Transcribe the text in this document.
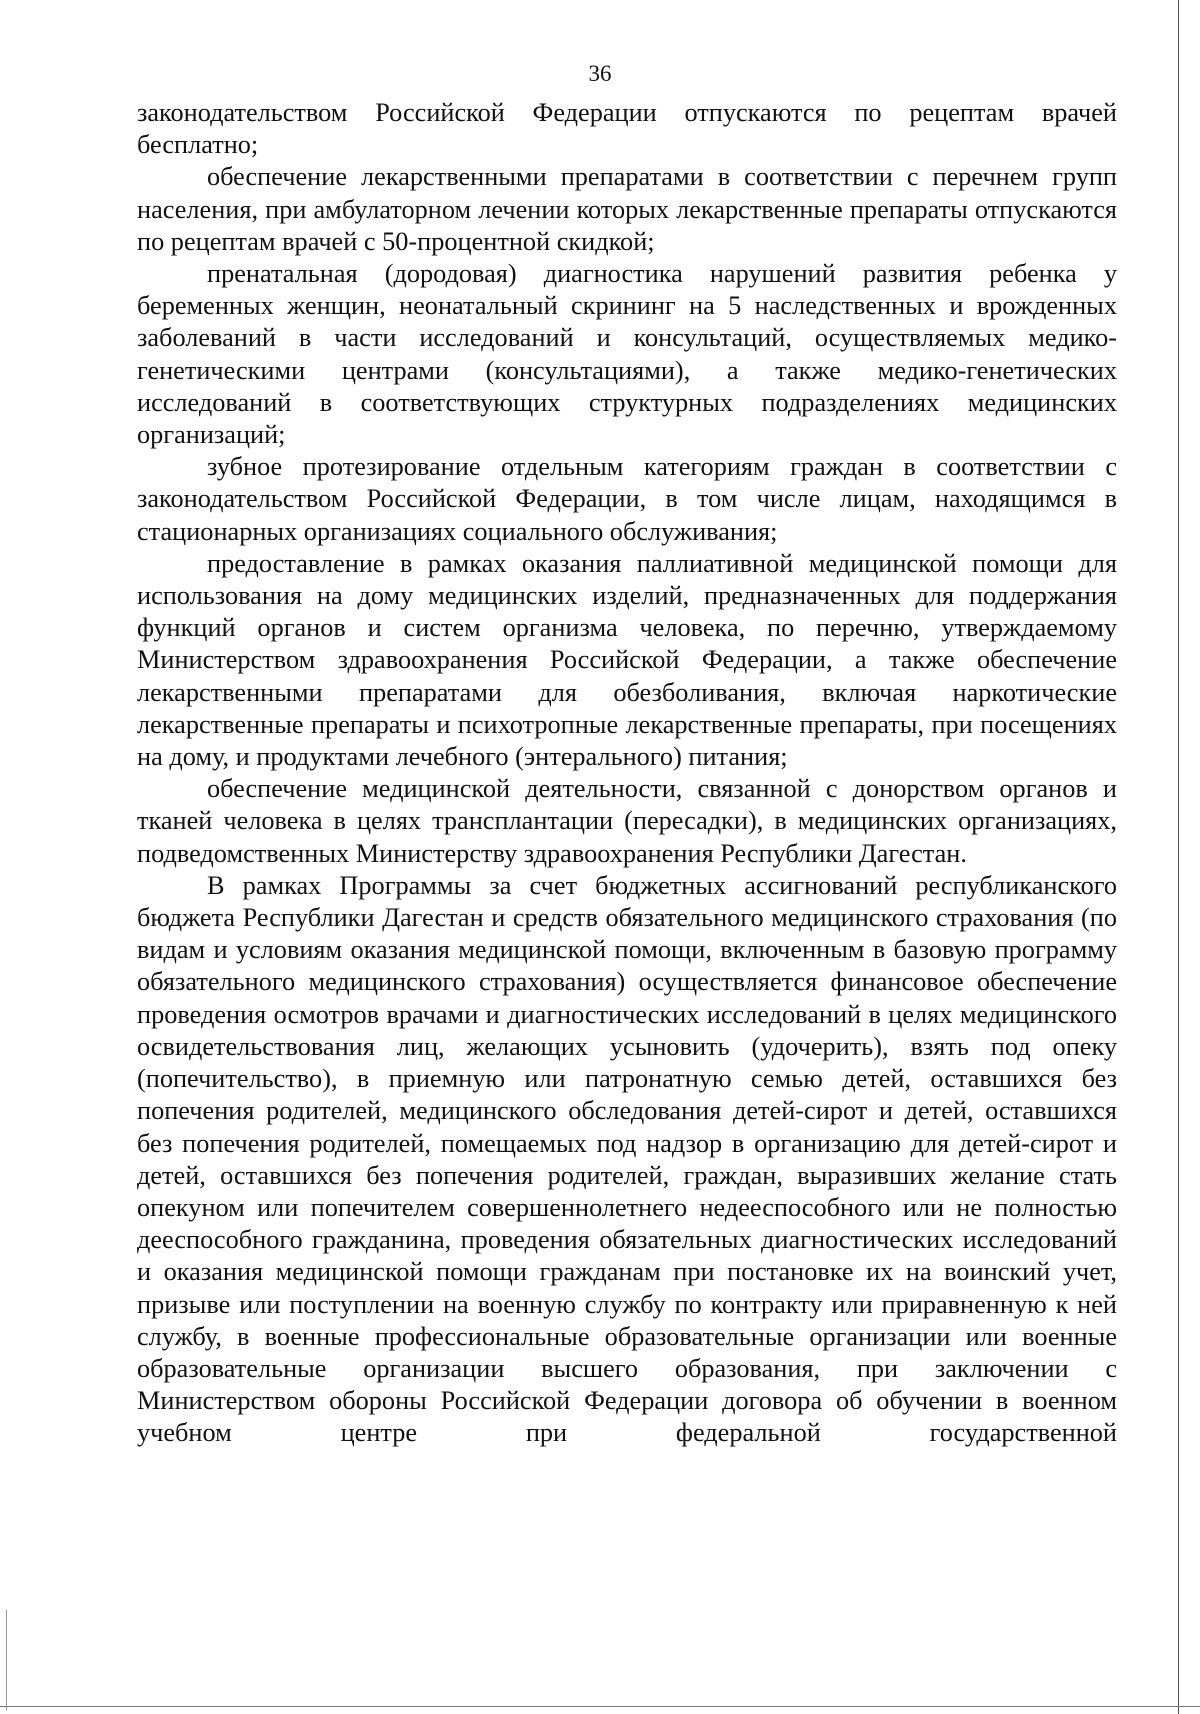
36

законодательством Российской Федерации отпускаются по рецептам врачей бесплатно;

обеспечение лекарственными препаратами в соответствии с перечнем групп населения, при амбулаторном лечении которых лекарственные препараты отпускаются по рецептам врачей с 50-процентной скидкой;

пренатальная (дородовая) диагностика нарушений развития ребенка у беременных женщин, неонатальный скрининг на 5 наследственных и врожденных заболеваний в части исследований и консультаций, осуществляемых медико-генетическими центрами (консультациями), а также медико-генетических исследований в соответствующих структурных подразделениях медицинских организаций;

зубное протезирование отдельным категориям граждан в соответствии с законодательством Российской Федерации, в том числе лицам, находящимся в стационарных организациях социального обслуживания;

предоставление в рамках оказания паллиативной медицинской помощи для использования на дому медицинских изделий, предназначенных для поддержания функций органов и систем организма человека, по перечню, утверждаемому Министерством здравоохранения Российской Федерации, а также обеспечение лекарственными препаратами для обезболивания, включая наркотические лекарственные препараты и психотропные лекарственные препараты, при посещениях на дому, и продуктами лечебного (энтерального) питания;

обеспечение медицинской деятельности, связанной с донорством органов и тканей человека в целях трансплантации (пересадки), в медицинских организациях, подведомственных Министерству здравоохранения Республики Дагестан.

В рамках Программы за счет бюджетных ассигнований республиканского бюджета Республики Дагестан и средств обязательного медицинского страхования (по видам и условиям оказания медицинской помощи, включенным в базовую программу обязательного медицинского страхования) осуществляется финансовое обеспечение проведения осмотров врачами и диагностических исследований в целях медицинского освидетельствования лиц, желающих усыновить (удочерить), взять под опеку (попечительство), в приемную или патронатную семью детей, оставшихся без попечения родителей, медицинского обследования детей-сирот и детей, оставшихся без попечения родителей, помещаемых под надзор в организацию для детей-сирот и детей, оставшихся без попечения родителей, граждан, выразивших желание стать опекуном или попечителем совершеннолетнего недееспособного или не полностью дееспособного гражданина, проведения обязательных диагностических исследований и оказания медицинской помощи гражданам при постановке их на воинский учет, призыве или поступлении на военную службу по контракту или приравненную к ней службу, в военные профессиональные образовательные организации или военные образовательные организации высшего образования, при заключении с Министерством обороны Российской Федерации договора об обучении в военном учебном центре при федеральной государственной
